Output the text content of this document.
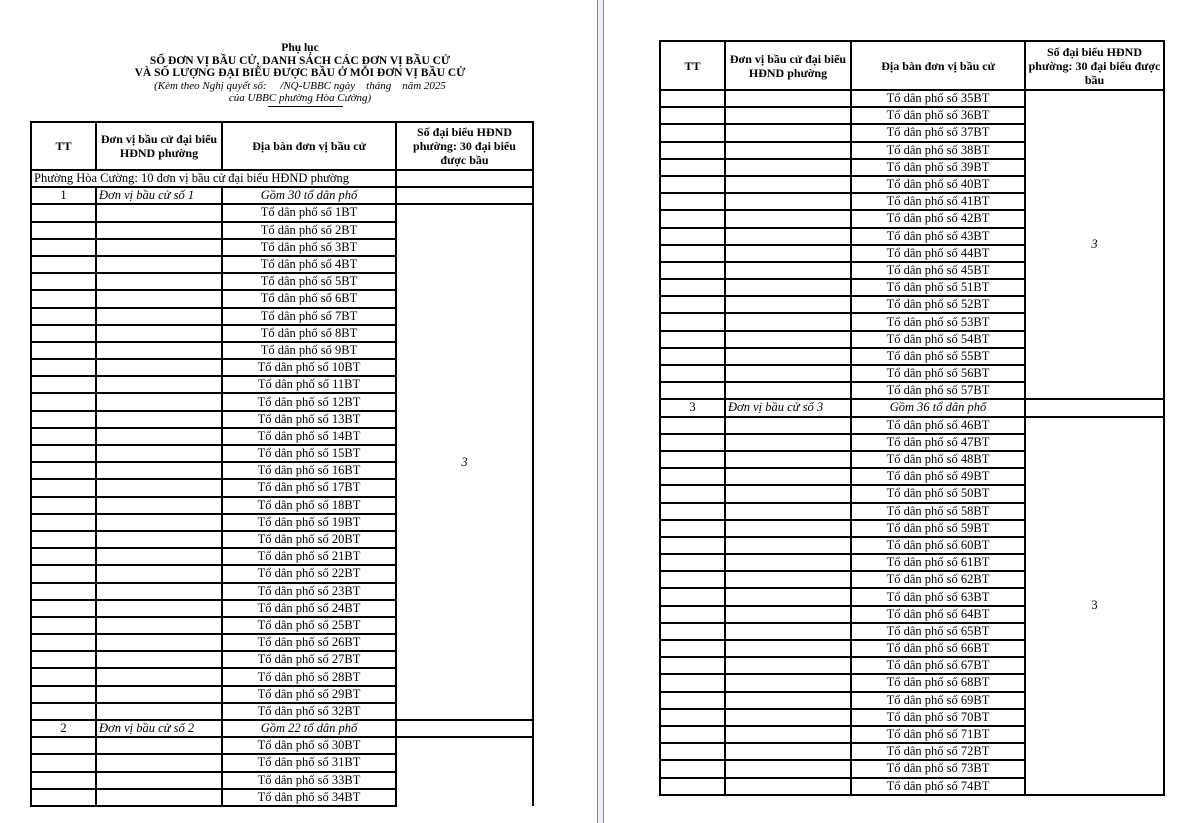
Phụ lục
SỐ ĐƠN VỊ BẦU CỬ, DANH SÁCH CÁC ĐƠN VỊ BẦU CỬ
VÀ SỐ LƯỢNG ĐẠI BIỂU ĐƯỢC BẦU Ở MỖI ĐƠN VỊ BẦU CỬ
(Kèm theo Nghị quyết số:     /NQ-UBBC ngày    tháng    năm 2025
của UBBC phường Hòa Cường)
TT	Đơn vị bầu cử đại biểu HĐND phường	Địa bàn đơn vị bầu cử	Số đại biểu HĐND phường: 30 đại biểu được bầu
Phường Hòa Cường: 10 đơn vị bầu cử đại biểu HĐND phường			
1	Đơn vị bầu cử số 1	Gồm 30 tổ dân phố	
		Tổ dân phố số 1BT	3
		Tổ dân phố số 2BT	
		Tổ dân phố số 3BT	
		Tổ dân phố số 4BT	
		Tổ dân phố số 5BT	
		Tổ dân phố số 6BT	
		Tổ dân phố số 7BT	
		Tổ dân phố số 8BT	
		Tổ dân phố số 9BT	
		Tổ dân phố số 10BT	
		Tổ dân phố số 11BT	
		Tổ dân phố số 12BT	
		Tổ dân phố số 13BT	
		Tổ dân phố số 14BT	
		Tổ dân phố số 15BT	
		Tổ dân phố số 16BT	
		Tổ dân phố số 17BT	
		Tổ dân phố số 18BT	
		Tổ dân phố số 19BT	
		Tổ dân phố số 20BT	
		Tổ dân phố số 21BT	
		Tổ dân phố số 22BT	
		Tổ dân phố số 23BT	
		Tổ dân phố số 24BT	
		Tổ dân phố số 25BT	
		Tổ dân phố số 26BT	
		Tổ dân phố số 27BT	
		Tổ dân phố số 28BT	
		Tổ dân phố số 29BT	
		Tổ dân phố số 32BT	
2	Đơn vị bầu cử số 2	Gồm 22 tổ dân phố	
		Tổ dân phố số 30BT	
		Tổ dân phố số 31BT	
		Tổ dân phố số 33BT	
		Tổ dân phố số 34BT	
TT	Đơn vị bầu cử đại biểu HĐND phường	Địa bàn đơn vị bầu cử	Số đại biểu HĐND phường: 30 đại biểu được bầu
		Tổ dân phố số 35BT	3
		Tổ dân phố số 36BT	
		Tổ dân phố số 37BT	
		Tổ dân phố số 38BT	
		Tổ dân phố số 39BT	
		Tổ dân phố số 40BT	
		Tổ dân phố số 41BT	
		Tổ dân phố số 42BT	
		Tổ dân phố số 43BT	
		Tổ dân phố số 44BT	
		Tổ dân phố số 45BT	
		Tổ dân phố số 51BT	
		Tổ dân phố số 52BT	
		Tổ dân phố số 53BT	
		Tổ dân phố số 54BT	
		Tổ dân phố số 55BT	
		Tổ dân phố số 56BT	
		Tổ dân phố số 57BT	
3	Đơn vị bầu cử số 3	Gồm 36 tổ dân phố	
		Tổ dân phố số 46BT	3
		Tổ dân phố số 47BT	
		Tổ dân phố số 48BT	
		Tổ dân phố số 49BT	
		Tổ dân phố số 50BT	
		Tổ dân phố số 58BT	
		Tổ dân phố số 59BT	
		Tổ dân phố số 60BT	
		Tổ dân phố số 61BT	
		Tổ dân phố số 62BT	
		Tổ dân phố số 63BT	
		Tổ dân phố số 64BT	
		Tổ dân phố số 65BT	
		Tổ dân phố số 66BT	
		Tổ dân phố số 67BT	
		Tổ dân phố số 68BT	
		Tổ dân phố số 69BT	
		Tổ dân phố số 70BT	
		Tổ dân phố số 71BT	
		Tổ dân phố số 72BT	
		Tổ dân phố số 73BT	
		Tổ dân phố số 74BT	
